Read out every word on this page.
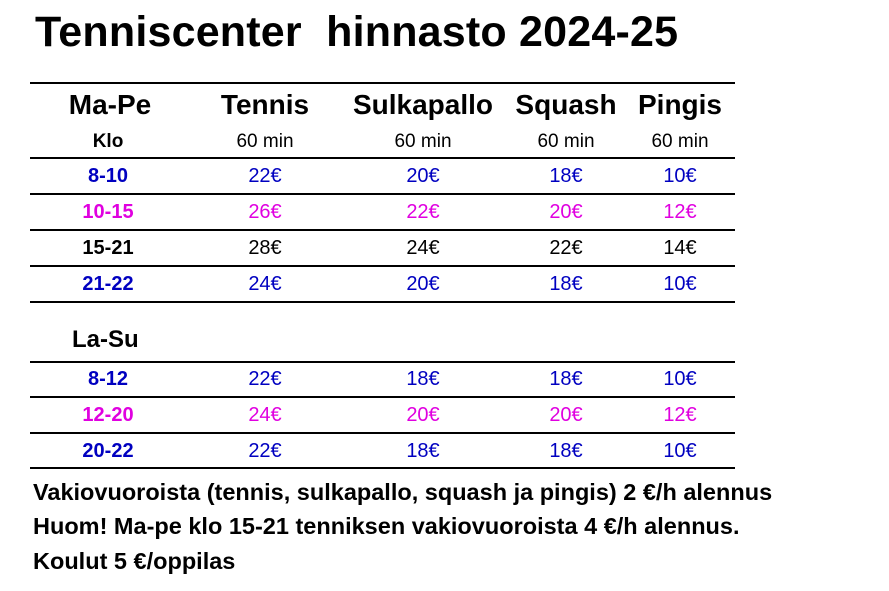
Tenniscenter  hinnasto 2024-25
Ma-Pe Tennis Sulkapallo Squash Pingis
Klo	60 min	60 min	60 min	60 min
8-10	22€	20€	18€	10€
10-15	26€	22€	20€	12€
15-21	28€	24€	22€	14€
21-22	24€	20€	18€	10€
La-Su
8-12	22€	18€	18€	10€
12-20	24€	20€	20€	12€
20-22	22€	18€	18€	10€
Vakiovuoroista (tennis, sulkapallo, squash ja pingis) 2 €/h alennus
Huom! Ma-pe klo 15-21 tenniksen vakiovuoroista 4 €/h alennus.
Koulut 5 €/oppilas
